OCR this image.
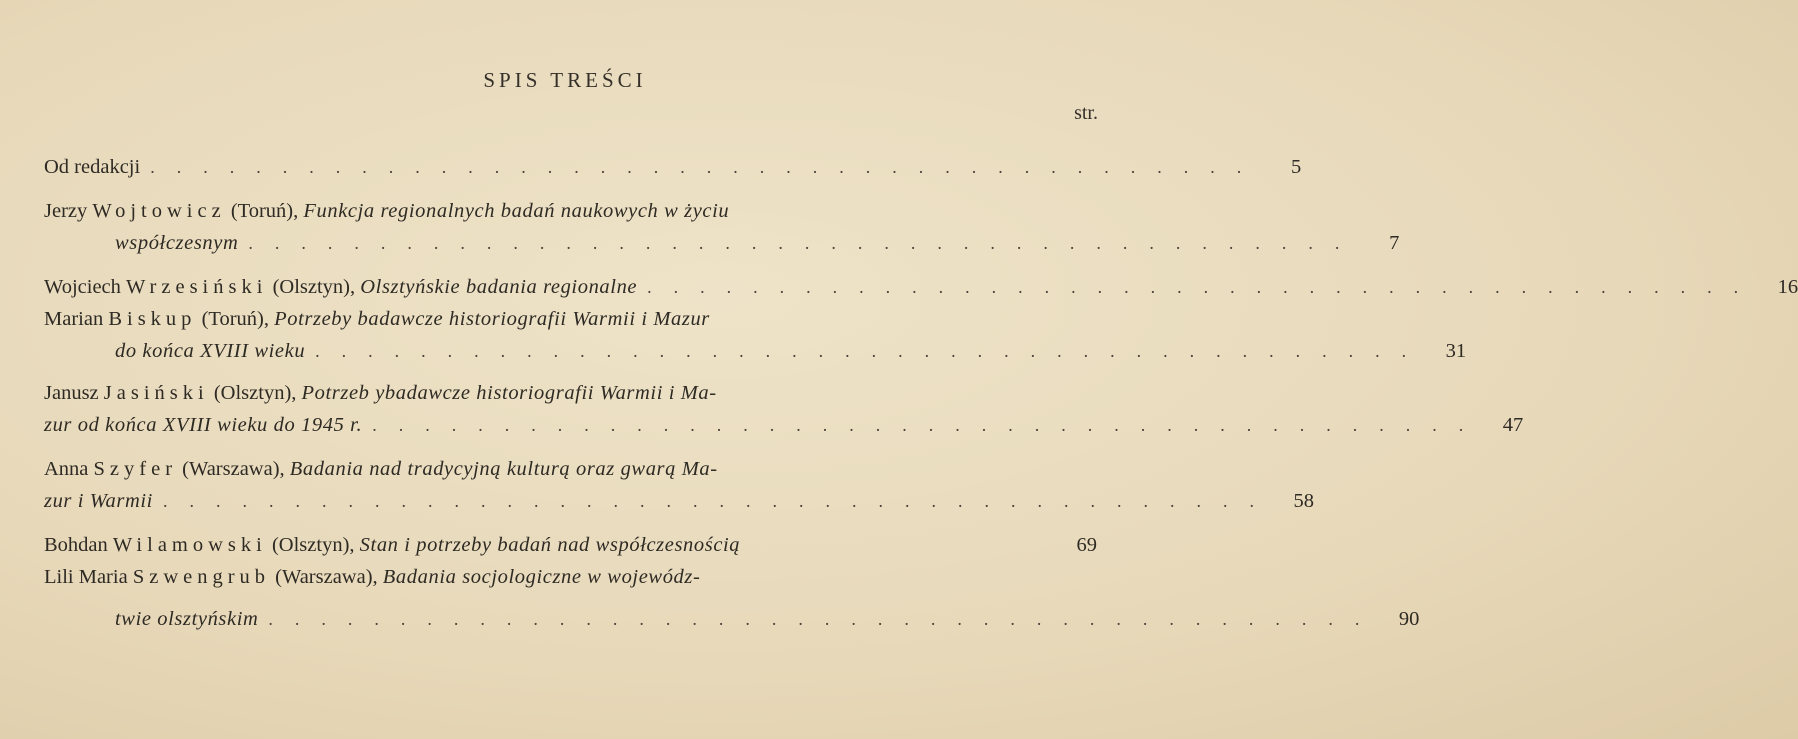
SPIS TREŚCI
str.
Od redakcji ..........................................	5
Jerzy Wojtowicz (Toruń), Funkcja regionalnych badań naukowych w życiu
współczesnym ..........................................	7
Wojciech Wrzesiński (Olsztyn), Olsztyńskie badania regionalne .......................................... 16
Marian Biskup (Toruń), Potrzeby badawcze historiografii Warmii i Mazur
do końca XVIII wieku .......................................... 31
Janusz Jasiński (Olsztyn), Potrzeb ybadawcze historiografii Warmii i Ma-
zur od końca XVIII wieku do 1945 r. .......................................... 47
Anna Szyfer (Warszawa), Badania nad tradycyjną kulturą oraz gwarą Ma-
zur i Warmii .......................................... 58
Bohdan Wilamowski (Olsztyn), Stan i potrzeby badań nad współczesnością	69
Lili Maria Szwengrub (Warszawa), Badania socjologiczne w wojewódz-
twie olsztyńskim .......................................... 90
